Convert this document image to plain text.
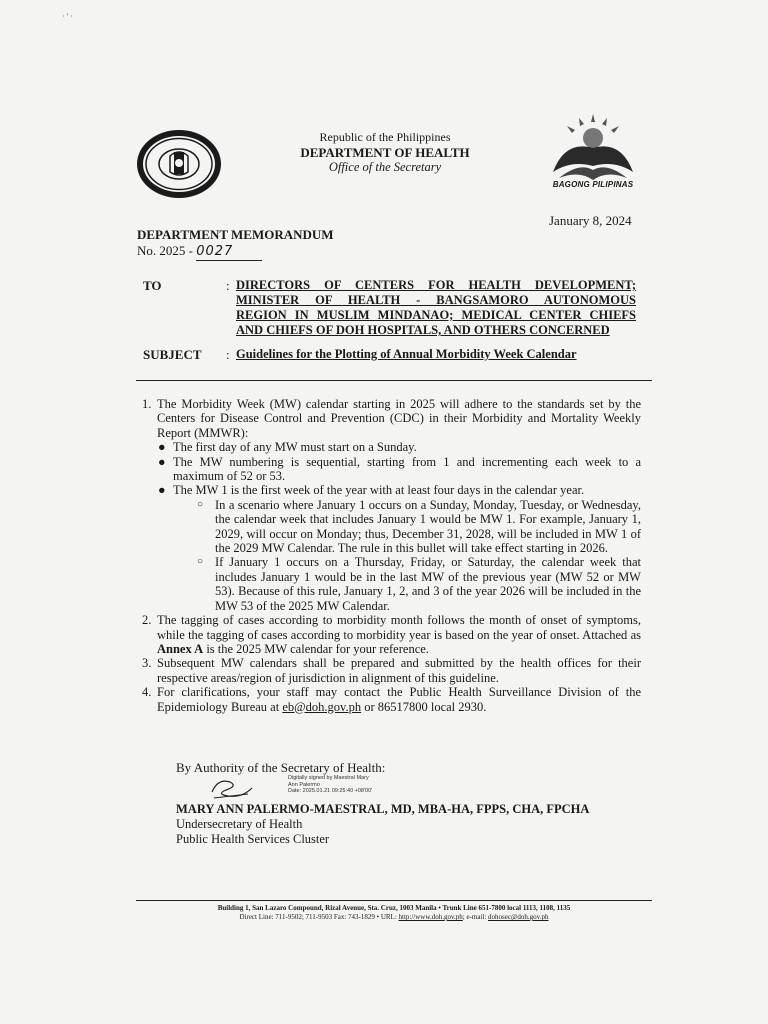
· ' ·
Republic of the Philippines
DEPARTMENT OF HEALTH
Office of the Secretary
BAGONG PILIPINAS
January 8, 2024
DEPARTMENT MEMORANDUM
No. 2025 - 0027
TO	: DIRECTORS OF CENTERS FOR HEALTH DEVELOPMENT;
MINISTER OF HEALTH - BANGSAMORO AUTONOMOUS
REGION IN MUSLIM MINDANAO; MEDICAL CENTER CHIEFS
AND CHIEFS OF DOH HOSPITALS, AND OTHERS CONCERNED
SUBJECT : Guidelines for the Plotting of Annual Morbidity Week Calendar
1. The Morbidity Week (MW) calendar starting in 2025 will adhere to the standards set by the Centers for Disease Control and Prevention (CDC) in their Morbidity and Mortality Weekly Report (MMWR):

● The first day of any MW must start on a Sunday.

● The MW numbering is sequential, starting from 1 and incrementing each week to a maximum of 52 or 53.

● The MW 1 is the first week of the year with at least four days in the calendar year.

○ In a scenario where January 1 occurs on a Sunday, Monday, Tuesday, or Wednesday, the calendar week that includes January 1 would be MW 1. For example, January 1, 2029, will occur on Monday; thus, December 31, 2028, will be included in MW 1 of the 2029 MW Calendar. The rule in this bullet will take effect starting in 2026.

○ If January 1 occurs on a Thursday, Friday, or Saturday, the calendar week that includes January 1 would be in the last MW of the previous year (MW 52 or MW 53). Because of this rule, January 1, 2, and 3 of the year 2026 will be included in the MW 53 of the 2025 MW Calendar.

2. The tagging of cases according to morbidity month follows the month of onset of symptoms, while the tagging of cases according to morbidity year is based on the year of onset. Attached as Annex A is the 2025 MW calendar for your reference.

3. Subsequent MW calendars shall be prepared and submitted by the health offices for their respective areas/region of jurisdiction in alignment of this guideline.

4. For clarifications, your staff may contact the Public Health Surveillance Division of the Epidemiology Bureau at eb@doh.gov.ph or 86517800 local 2930.

By Authority of the Secretary of Health:
Digitally signed by Maestral Mary
Ann Palermo
Date: 2025.01.21 09:25:40 +08'00'
MARY ANN PALERMO-MAESTRAL, MD, MBA-HA, FPPS, CHA, FPCHA
Undersecretary of Health
Public Health Services Cluster
Building 1, San Lazaro Compound, Rizal Avenue, Sta. Cruz, 1003 Manila • Trunk Line 651-7800 local 1113, 1108, 1135
Direct Line: 711-9502; 711-9503 Fax: 743-1829 • URL: http://www.doh.gov.ph; e-mail: dohosec@doh.gov.ph
